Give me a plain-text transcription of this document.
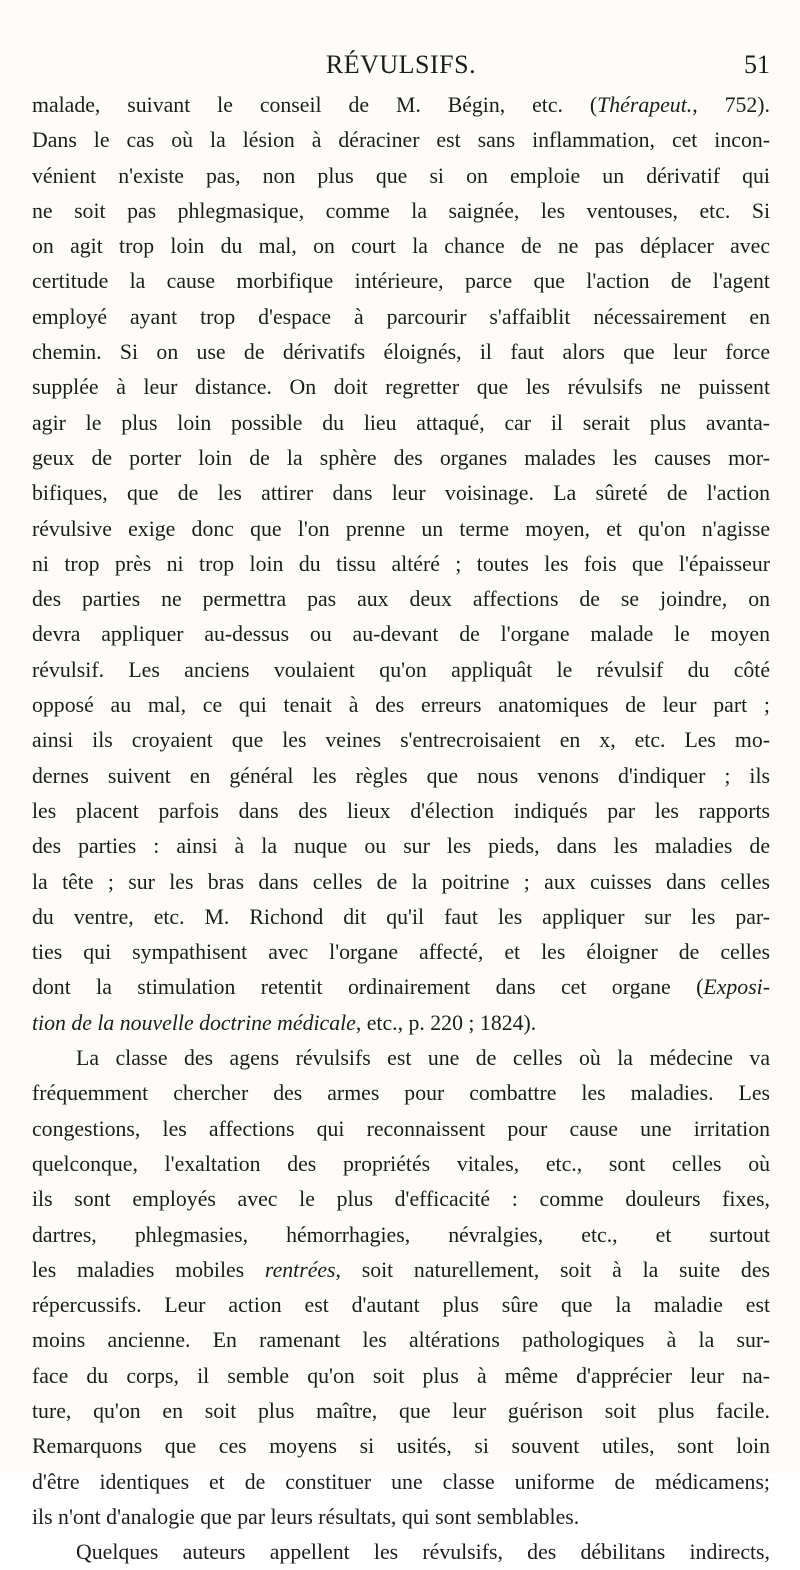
RÉVULSIFS.	51
malade, suivant le conseil de M. Bégin, etc. (Thérapeut., 752).
Dans le cas où la lésion à déraciner est sans inflammation, cet incon-
vénient n'existe pas, non plus que si on emploie un dérivatif qui
ne soit pas phlegmasique, comme la saignée, les ventouses, etc. Si
on agit trop loin du mal, on court la chance de ne pas déplacer avec
certitude la cause morbifique intérieure, parce que l'action de l'agent
employé ayant trop d'espace à parcourir s'affaiblit nécessairement en
chemin. Si on use de dérivatifs éloignés, il faut alors que leur force
supplée à leur distance. On doit regretter que les révulsifs ne puissent
agir le plus loin possible du lieu attaqué, car il serait plus avanta-
geux de porter loin de la sphère des organes malades les causes mor-
bifiques, que de les attirer dans leur voisinage. La sûreté de l'action
révulsive exige donc que l'on prenne un terme moyen, et qu'on n'agisse
ni trop près ni trop loin du tissu altéré ; toutes les fois que l'épaisseur
des parties ne permettra pas aux deux affections de se joindre, on
devra appliquer au-dessus ou au-devant de l'organe malade le moyen
révulsif. Les anciens voulaient qu'on appliquât le révulsif du côté
opposé au mal, ce qui tenait à des erreurs anatomiques de leur part ;
ainsi ils croyaient que les veines s'entrecroisaient en x, etc. Les mo-
dernes suivent en général les règles que nous venons d'indiquer ; ils
les placent parfois dans des lieux d'élection indiqués par les rapports
des parties : ainsi à la nuque ou sur les pieds, dans les maladies de
la tête ; sur les bras dans celles de la poitrine ; aux cuisses dans celles
du ventre, etc. M. Richond dit qu'il faut les appliquer sur les par-
ties qui sympathisent avec l'organe affecté, et les éloigner de celles
dont la stimulation retentit ordinairement dans cet organe (Exposi-
tion de la nouvelle doctrine médicale, etc., p. 220 ; 1824).
La classe des agens révulsifs est une de celles où la médecine va
fréquemment chercher des armes pour combattre les maladies. Les
congestions, les affections qui reconnaissent pour cause une irritation
quelconque, l'exaltation des propriétés vitales, etc., sont celles où
ils sont employés avec le plus d'efficacité : comme douleurs fixes,
dartres, phlegmasies, hémorrhagies, névralgies, etc., et surtout
les maladies mobiles rentrées, soit naturellement, soit à la suite des
répercussifs. Leur action est d'autant plus sûre que la maladie est
moins ancienne. En ramenant les altérations pathologiques à la sur-
face du corps, il semble qu'on soit plus à même d'apprécier leur na-
ture, qu'on en soit plus maître, que leur guérison soit plus facile.
Remarquons que ces moyens si usités, si souvent utiles, sont loin
d'être identiques et de constituer une classe uniforme de médicamens;
ils n'ont d'analogie que par leurs résultats, qui sont semblables.
Quelques auteurs appellent les révulsifs, des débilitans indirects,
